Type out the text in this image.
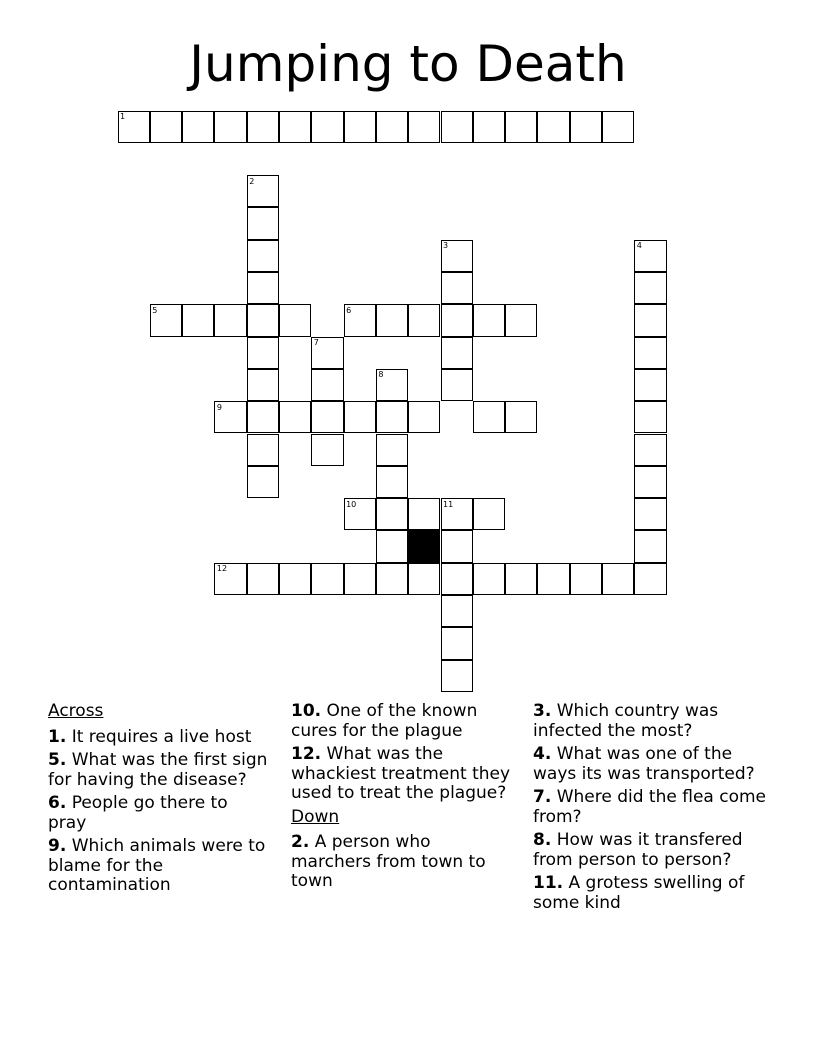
Jumping to Death
1
2
3	4
5	6
7
8
9
10	11
12
Across
1. It requires a live host
5. What was the first sign for having the disease?
6. People go there to pray
9. Which animals were to blame for the contamination
10. One of the known cures for the plague
12. What was the whackiest treatment they used to treat the plague?
Down
2. A person who marchers from town to town
3. Which country was infected the most?
4. What was one of the ways its was transported?
7. Where did the flea come from?
8. How was it transfered from person to person?
11. A grotess swelling of some kind
